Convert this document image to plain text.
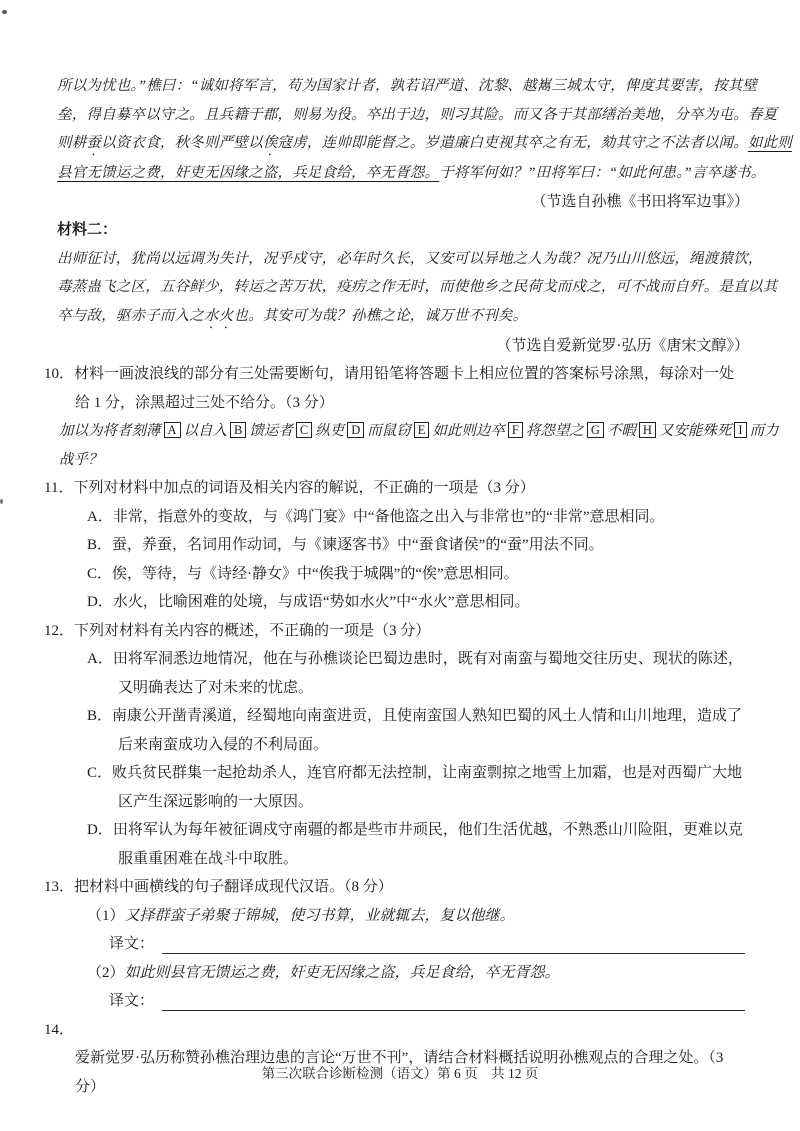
所以为忧也。”樵曰：“诚如将军言，苟为国家计者，孰若诏严道、沈黎、越嶲三城太守，俾度其要害，按其壁
垒，得自募卒以守之。且兵籍于郡，则易为役。卒出于边，则习其险。而又各于其部缮治美地，分卒为屯。春夏
则耕蚕以资衣食，秋冬则严壁以俟寇虏，连帅即能督之。岁遣廉白吏视其卒之有无，劾其守之不法者以闻。如此则
县官无馈运之费，奸吏无因缘之盗，兵足食给，卒无胥怨。于将军何如？”田将军曰：“如此何患。”言卒遂书。
（节选自孙樵《书田将军边事》）
材料二：
出师征讨，犹尚以远调为失计，况乎戍守，必年时久长，又安可以异地之人为哉？况乃山川悠远，绳渡猿饮，
毒蒸蛊飞之区，五谷鲜少，转运之苦万状，疫疠之作无时，而使他乡之民荷戈而戍之，可不战而自歼。是直以其
卒与敌，驱赤子而入之水火也。其安可为哉？孙樵之论，诚万世不刊矣。
（节选自爱新觉罗·弘历《唐宋文醇》）
10．材料一画波浪线的部分有三处需要断句，请用铅笔将答题卡上相应位置的答案标号涂黑，每涂对一处给 1 分，涂黑超过三处不给分。（3 分）
加以为将者刻薄 A 以自入 B 馈运者 C 纵吏 D 而鼠窃 E 如此则边卒 F 将怨望之 G 不暇 H 又安能殊死 I 而力
战乎？
11．下列对材料中加点的词语及相关内容的解说，不正确的一项是（3 分）
A．非常，指意外的变故，与《鸿门宴》中“备他盗之出入与非常也”的“非常”意思相同。
B．蚕，养蚕，名词用作动词，与《谏逐客书》中“蚕食诸侯”的“蚕”用法不同。
C．俟，等待，与《诗经·静女》中“俟我于城隅”的“俟”意思相同。
D．水火，比喻困难的处境，与成语“势如水火”中“水火”意思相同。
12．下列对材料有关内容的概述，不正确的一项是（3 分）
A．田将军洞悉边地情况，他在与孙樵谈论巴蜀边患时，既有对南蛮与蜀地交往历史、现状的陈述，又明确表达了对未来的忧虑。
B．南康公开凿青溪道，经蜀地向南蛮进贡，且使南蛮国人熟知巴蜀的风土人情和山川地理，造成了后来南蛮成功入侵的不利局面。
C．败兵贫民群集一起抢劫杀人，连官府都无法控制，让南蛮剽掠之地雪上加霜，也是对西蜀广大地区产生深远影响的一大原因。
D．田将军认为每年被征调戍守南疆的都是些市井顽民，他们生活优越，不熟悉山川险阻，更难以克服重重困难在战斗中取胜。
13．把材料中画横线的句子翻译成现代汉语。（8 分）
（1）又择群蛮子弟聚于锦城，使习书算，业就辄去，复以他继。
译文：
（2）如此则县官无馈运之费，奸吏无因缘之盗，兵足食给，卒无胥怨。
译文：
14．爱新觉罗·弘历称赞孙樵治理边患的言论“万世不刊”，请结合材料概括说明孙樵观点的合理之处。（3 分）
第三次联合诊断检测（语文）第 6 页　共 12 页
